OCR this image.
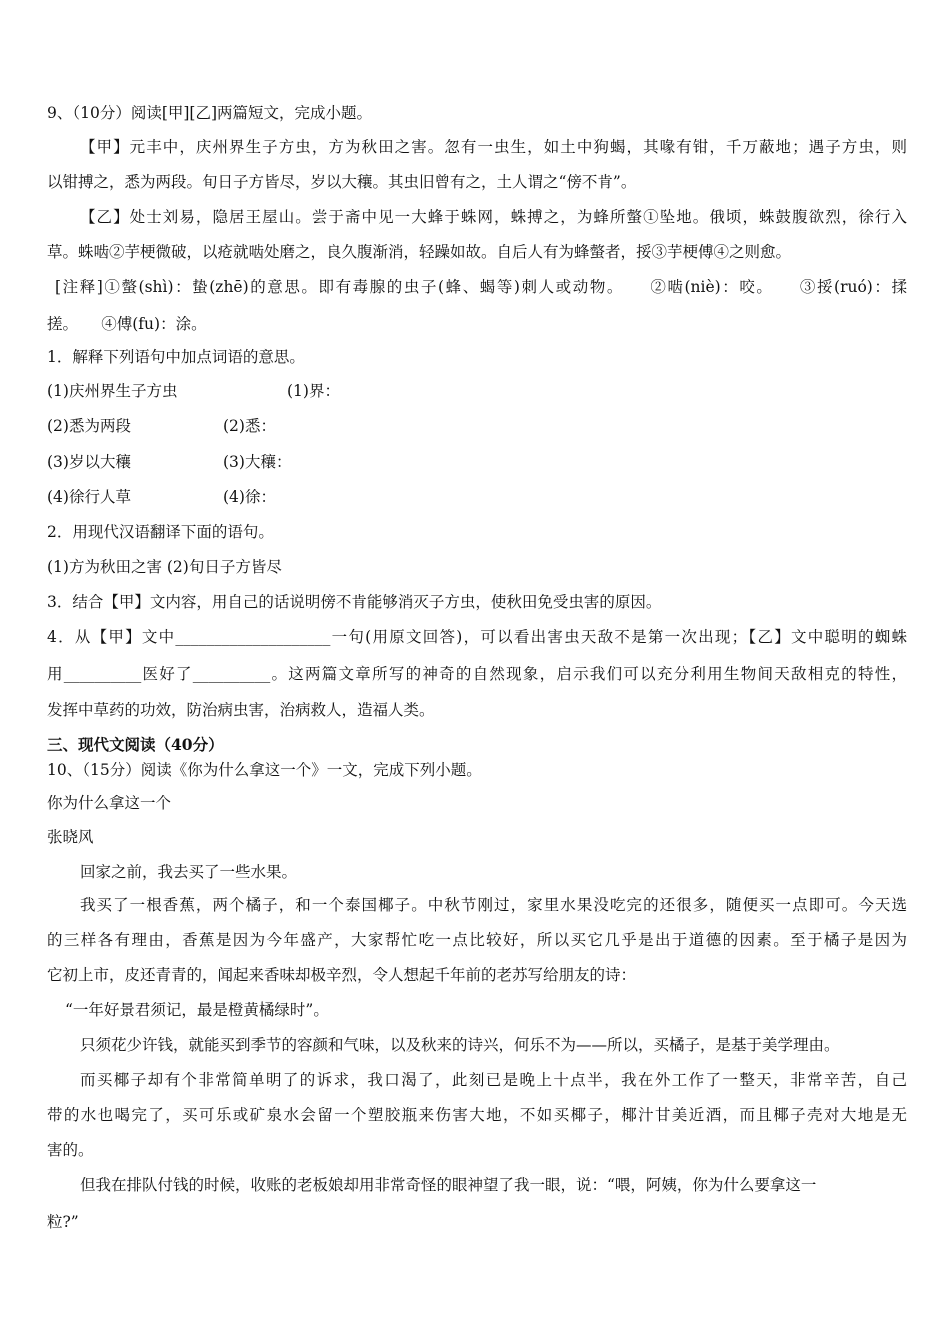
9、（10分）阅读[甲][乙]两篇短文，完成小题。
【甲】元丰中，庆州界生子方虫，方为秋田之害。忽有一虫生，如土中狗蝎，其喙有钳，千万蔽地；遇子方虫，则
以钳搏之，悉为两段。旬日子方皆尽，岁以大穰。其虫旧曾有之，土人谓之“傍不肯”。
【乙】处士刘易，隐居王屋山。尝于斋中见一大蜂于蛛网，蛛搏之，为蜂所螫①坠地。俄顷，蛛鼓腹欲烈，徐行入
草。蛛啮②芋梗微破，以疮就啮处磨之，良久腹渐消，轻躁如故。自后人有为蜂螫者，挼③芋梗傅④之则愈。
[注释]①螫(shì)：蛰(zhē)的意思。即有毒腺的虫子(蜂、蝎等)刺人或动物。　　②啮(niè)：咬。　　③挼(ruó)：揉
搓。　　④傅(fu)：涂。
1．解释下列语句中加点词语的意思。
(1)庆州界生子方虫	(1)界：
(2)悉为两段	(2)悉：
(3)岁以大穰	(3)大穰：
(4)徐行人草	(4)徐：
2．用现代汉语翻译下面的语句。
(1)方为秋田之害 (2)旬日子方皆尽
3．结合【甲】文内容，用自己的话说明傍不肯能够消灭子方虫，使秋田免受虫害的原因。
4．从【甲】文中____________________一句(用原文回答)，可以看出害虫天敌不是第一次出现；【乙】文中聪明的蜘蛛
用__________医好了__________。这两篇文章所写的神奇的自然现象，启示我们可以充分利用生物间天敌相克的特性，
发挥中草药的功效，防治病虫害，治病救人，造福人类。
三、现代文阅读（40分）
10、（15分）阅读《你为什么拿这一个》一文，完成下列小题。
你为什么拿这一个
张晓风
回家之前，我去买了一些水果。
我买了一根香蕉，两个橘子，和一个泰国椰子。中秋节刚过，家里水果没吃完的还很多，随便买一点即可。今天选
的三样各有理由，香蕉是因为今年盛产，大家帮忙吃一点比较好，所以买它几乎是出于道德的因素。至于橘子是因为
它初上市，皮还青青的，闻起来香味却极辛烈，令人想起千年前的老苏写给朋友的诗：
“一年好景君须记，最是橙黄橘绿时”。
只须花少许钱，就能买到季节的容颜和气味，以及秋来的诗兴，何乐不为——所以，买橘子，是基于美学理由。
而买椰子却有个非常简单明了的诉求，我口渴了，此刻已是晚上十点半，我在外工作了一整天，非常辛苦，自己
带的水也喝完了，买可乐或矿泉水会留一个塑胶瓶来伤害大地，不如买椰子，椰汁甘美近酒，而且椰子壳对大地是无
害的。
但我在排队付钱的时候，收账的老板娘却用非常奇怪的眼神望了我一眼，说：“喂，阿姨，你为什么要拿这一
粒?”
